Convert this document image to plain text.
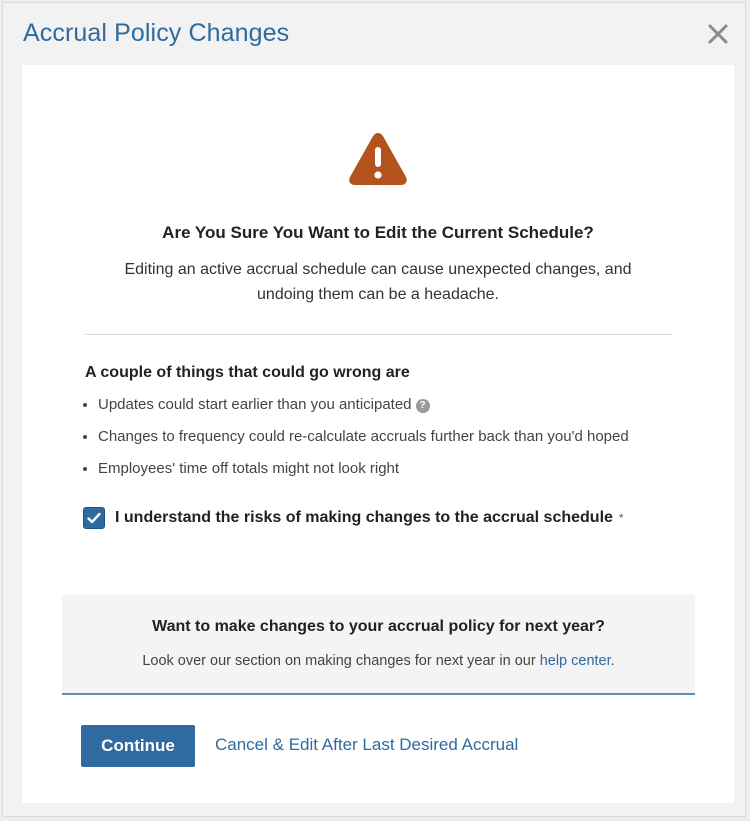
Accrual Policy Changes
Are You Sure You Want to Edit the Current Schedule?
Editing an active accrual schedule can cause unexpected changes, and undoing them can be a headache.
A couple of things that could go wrong are
• Updates could start earlier than you anticipated ?
• Changes to frequency could re-calculate accruals further back than you'd hoped
• Employees' time off totals might not look right
I understand the risks of making changes to the accrual schedule *
Want to make changes to your accrual policy for next year?
Look over our section on making changes for next year in our help center.
Continue	Cancel & Edit After Last Desired Accrual
